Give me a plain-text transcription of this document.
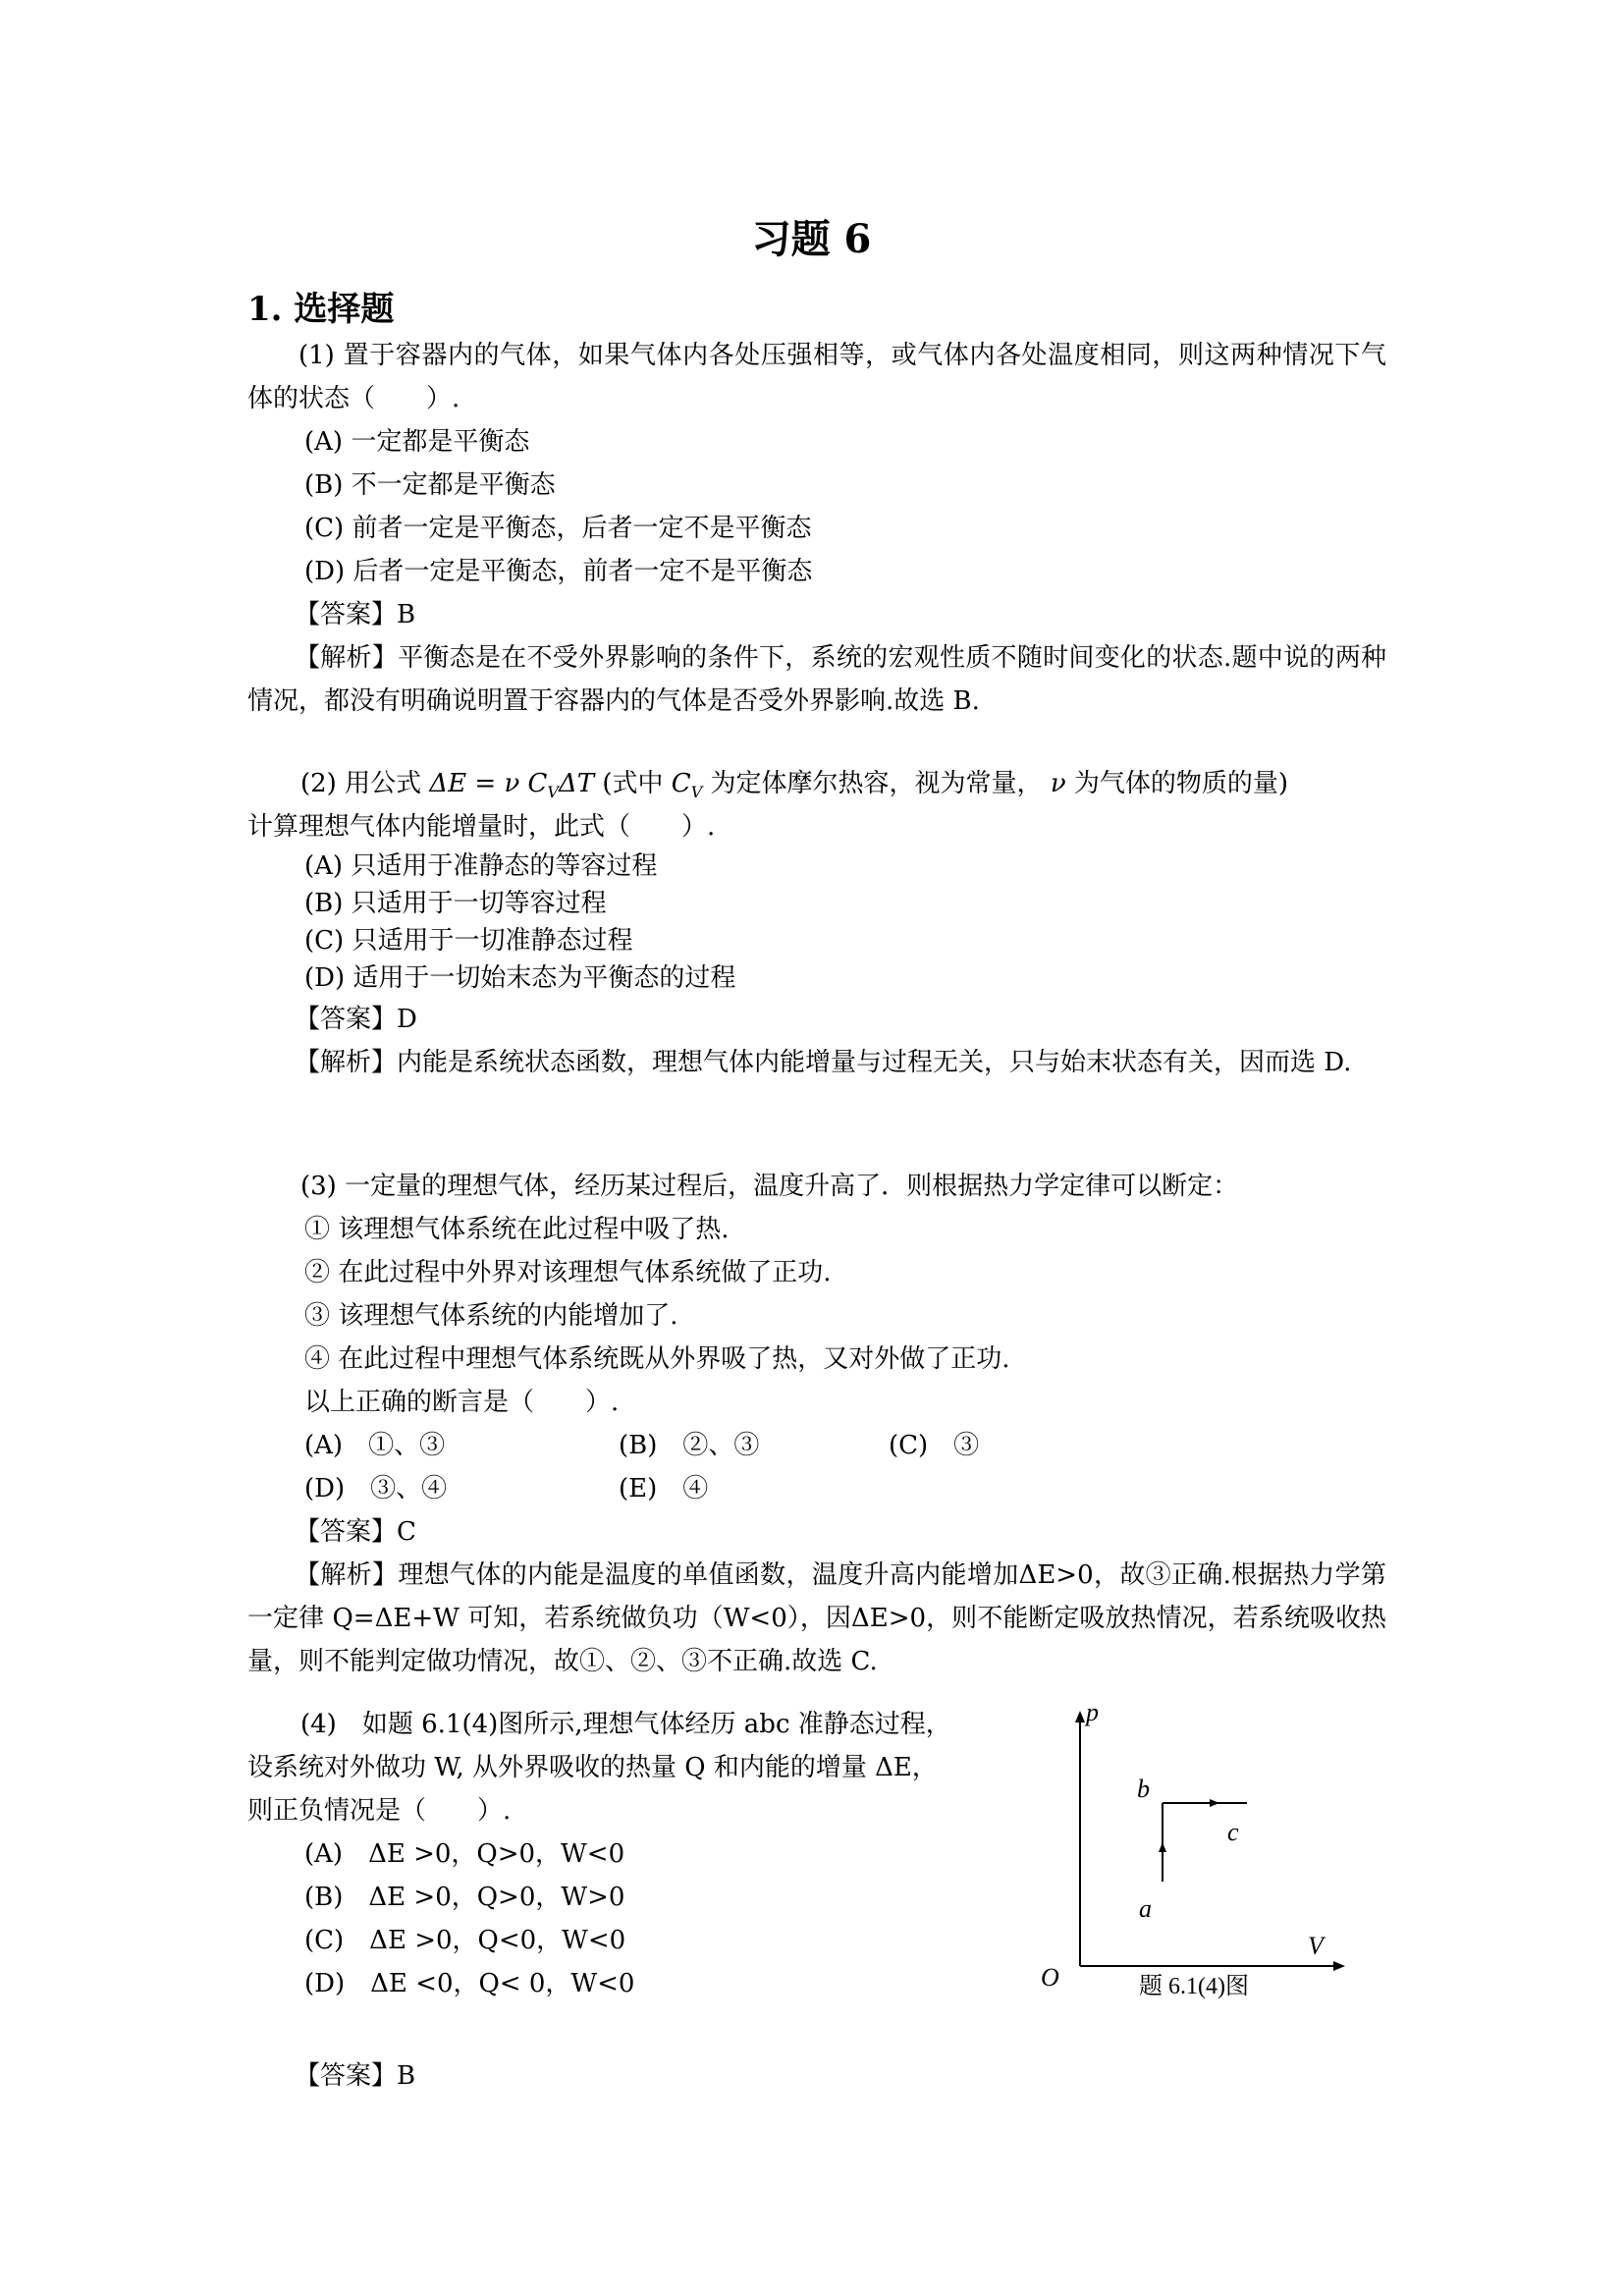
习题 6
1. 选择题
(1) 置于容器内的气体，如果气体内各处压强相等，或气体内各处温度相同，则这两种情况下气体的状态（　　）.
(A) 一定都是平衡态
(B) 不一定都是平衡态
(C) 前者一定是平衡态，后者一定不是平衡态
(D) 后者一定是平衡态，前者一定不是平衡态
【答案】B
【解析】平衡态是在不受外界影响的条件下，系统的宏观性质不随时间变化的状态.题中说的两种情况，都没有明确说明置于容器内的气体是否受外界影响.故选 B.
(2) 用公式 ΔE = ν $C_V\Delta T$ (式中 $C_V$ 为定体摩尔热容，视为常量， ν 为气体的物质的量)
计算理想气体内能增量时，此式（　　）.
(A) 只适用于准静态的等容过程
(B) 只适用于一切等容过程
(C) 只适用于一切准静态过程
(D) 适用于一切始末态为平衡态的过程
【答案】D
【解析】内能是系统状态函数，理想气体内能增量与过程无关，只与始末状态有关，因而选 D.
(3) 一定量的理想气体，经历某过程后，温度升高了．则根据热力学定律可以断定：
① 该理想气体系统在此过程中吸了热.
② 在此过程中外界对该理想气体系统做了正功.
③ 该理想气体系统的内能增加了.
④ 在此过程中理想气体系统既从外界吸了热，又对外做了正功.
以上正确的断言是（　　）.
(A)　①、③	(B)　②、③	(C)　③
(D)　③、④	(E)　④
【答案】C
【解析】理想气体的内能是温度的单值函数，温度升高内能增加ΔE>0，故③正确.根据热力学第一定律 Q=ΔE+W 可知，若系统做负功（W<0），因ΔE>0，则不能断定吸放热情况，若系统吸收热量，则不能判定做功情况，故①、②、③不正确.故选 C.
(4)　如题 6.1(4)图所示,理想气体经历 abc 准静态过程，
设系统对外做功 W, 从外界吸收的热量 Q 和内能的增量 ΔE，
则正负情况是（　　）.
(A)　ΔE >0，Q>0，W<0
(B)　ΔE >0，Q>0，W>0
(C)　ΔE >0，Q<0，W<0
(D)　ΔE <0，Q< 0，W<0
【答案】B
p
V
O
a
b
c
题 6.1(4)图
